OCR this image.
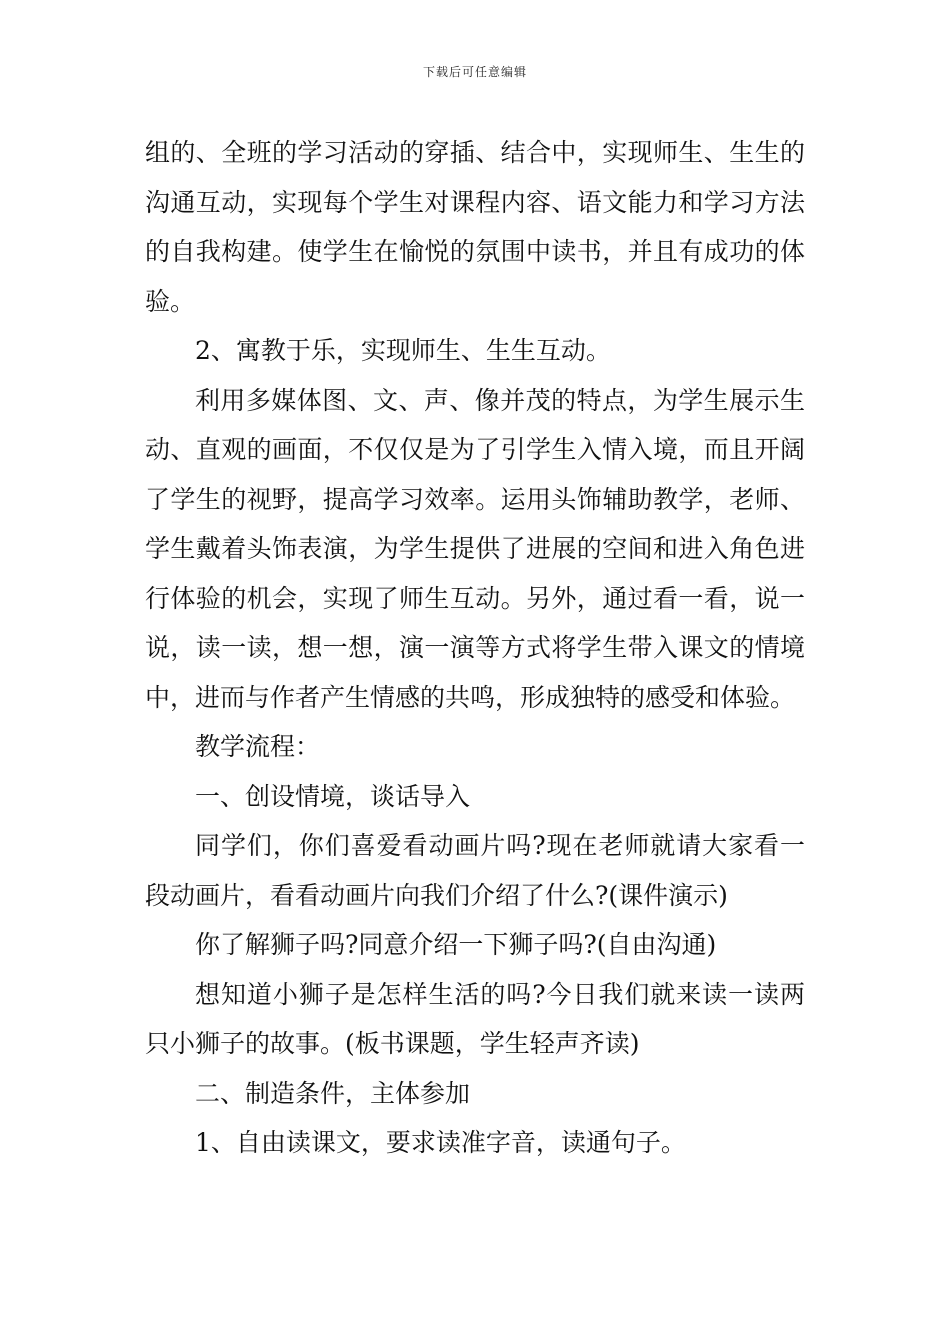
下载后可任意编辑

组的、全班的学习活动的穿插、结合中，实现师生、生生的沟通互动，实现每个学生对课程内容、语文能力和学习方法的自我构建。使学生在愉悦的氛围中读书，并且有成功的体验。

2、寓教于乐，实现师生、生生互动。

利用多媒体图、文、声、像并茂的特点，为学生展示生动、直观的画面，不仅仅是为了引学生入情入境，而且开阔了学生的视野，提高学习效率。运用头饰辅助教学，老师、学生戴着头饰表演，为学生提供了进展的空间和进入角色进行体验的机会，实现了师生互动。另外，通过看一看，说一说，读一读，想一想，演一演等方式将学生带入课文的情境中，进而与作者产生情感的共鸣，形成独特的感受和体验。

教学流程：

一、创设情境，谈话导入

同学们，你们喜爱看动画片吗?现在老师就请大家看一段动画片，看看动画片向我们介绍了什么?(课件演示)

你了解狮子吗?同意介绍一下狮子吗?(自由沟通)

想知道小狮子是怎样生活的吗?今日我们就来读一读两只小狮子的故事。(板书课题，学生轻声齐读)

二、制造条件，主体参加

1、自由读课文，要求读准字音，读通句子。
